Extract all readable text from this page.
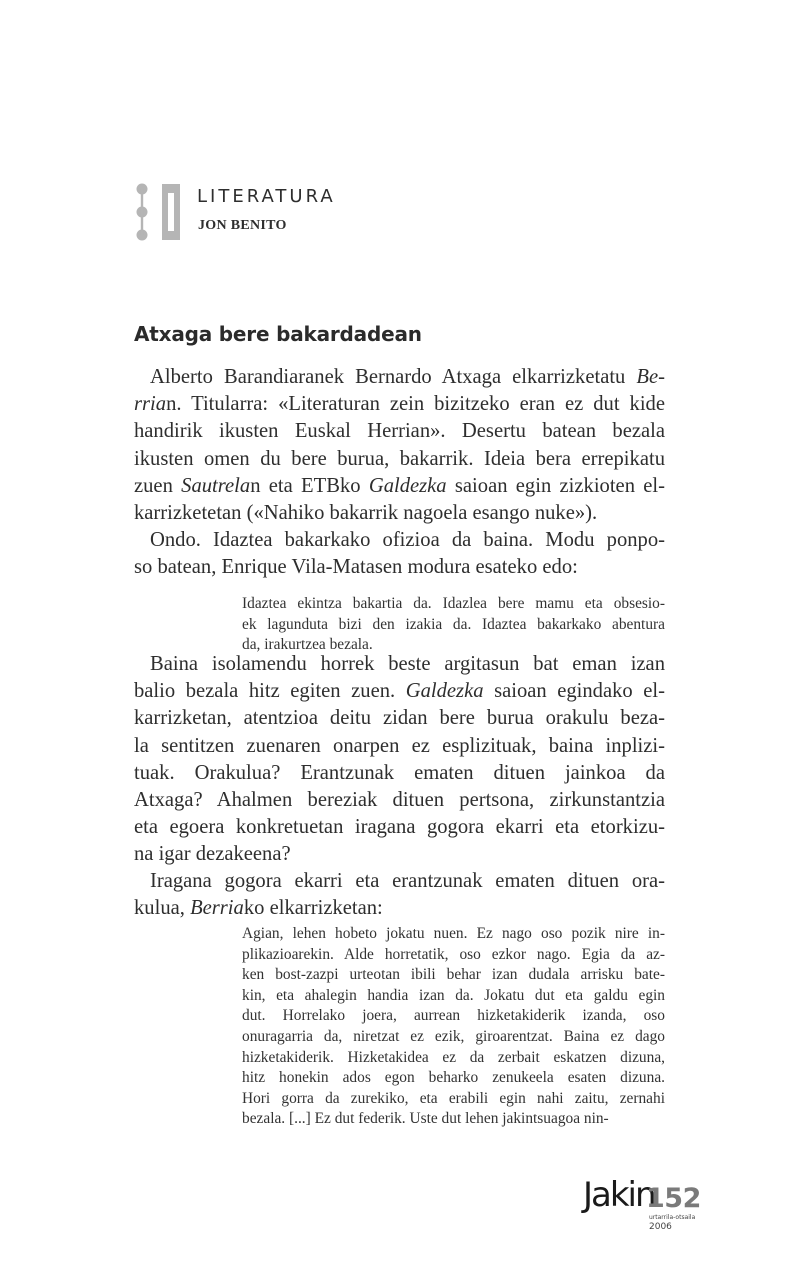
LITERATURA
JON BENITO
Atxaga bere bakardadean
Alberto Barandiaranek Bernardo Atxaga elkarrizketatu Be-
rrian. Titularra: «Literaturan zein bizitzeko eran ez dut kide
handirik ikusten Euskal Herrian». Desertu batean bezala
ikusten omen du bere burua, bakarrik. Ideia bera errepikatu
zuen Sautrelan eta ETBko Galdezka saioan egin zizkioten el-
karrizketetan («Nahiko bakarrik nagoela esango nuke»).
Ondo. Idaztea bakarkako ofizioa da baina. Modu ponpo-
so batean, Enrique Vila-Matasen modura esateko edo:
Idaztea ekintza bakartia da. Idazlea bere mamu eta obsesio-
ek lagunduta bizi den izakia da. Idaztea bakarkako abentura
da, irakurtzea bezala.
Baina isolamendu horrek beste argitasun bat eman izan
balio bezala hitz egiten zuen. Galdezka saioan egindako el-
karrizketan, atentzioa deitu zidan bere burua orakulu beza-
la sentitzen zuenaren onarpen ez esplizituak, baina inplizi-
tuak. Orakulua? Erantzunak ematen dituen jainkoa da
Atxaga? Ahalmen bereziak dituen pertsona, zirkunstantzia
eta egoera konkretuetan iragana gogora ekarri eta etorkizu-
na igar dezakeena?
Iragana gogora ekarri eta erantzunak ematen dituen ora-
kulua, Berriako elkarrizketan:
Agian, lehen hobeto jokatu nuen. Ez nago oso pozik nire in-
plikazioarekin. Alde horretatik, oso ezkor nago. Egia da az-
ken bost-zazpi urteotan ibili behar izan dudala arrisku bate-
kin, eta ahalegin handia izan da. Jokatu dut eta galdu egin
dut. Horrelako joera, aurrean hizketakiderik izanda, oso
onuragarria da, niretzat ez ezik, giroarentzat. Baina ez dago
hizketakiderik. Hizketakidea ez da zerbait eskatzen dizuna,
hitz honekin ados egon beharko zenukeela esaten dizuna.
Hori gorra da zurekiko, eta erabili egin nahi zaitu, zernahi
bezala. [...] Ez dut federik. Uste dut lehen jakintsuagoa nin-
Jakin
152
urtarrila-otsaila
2006
